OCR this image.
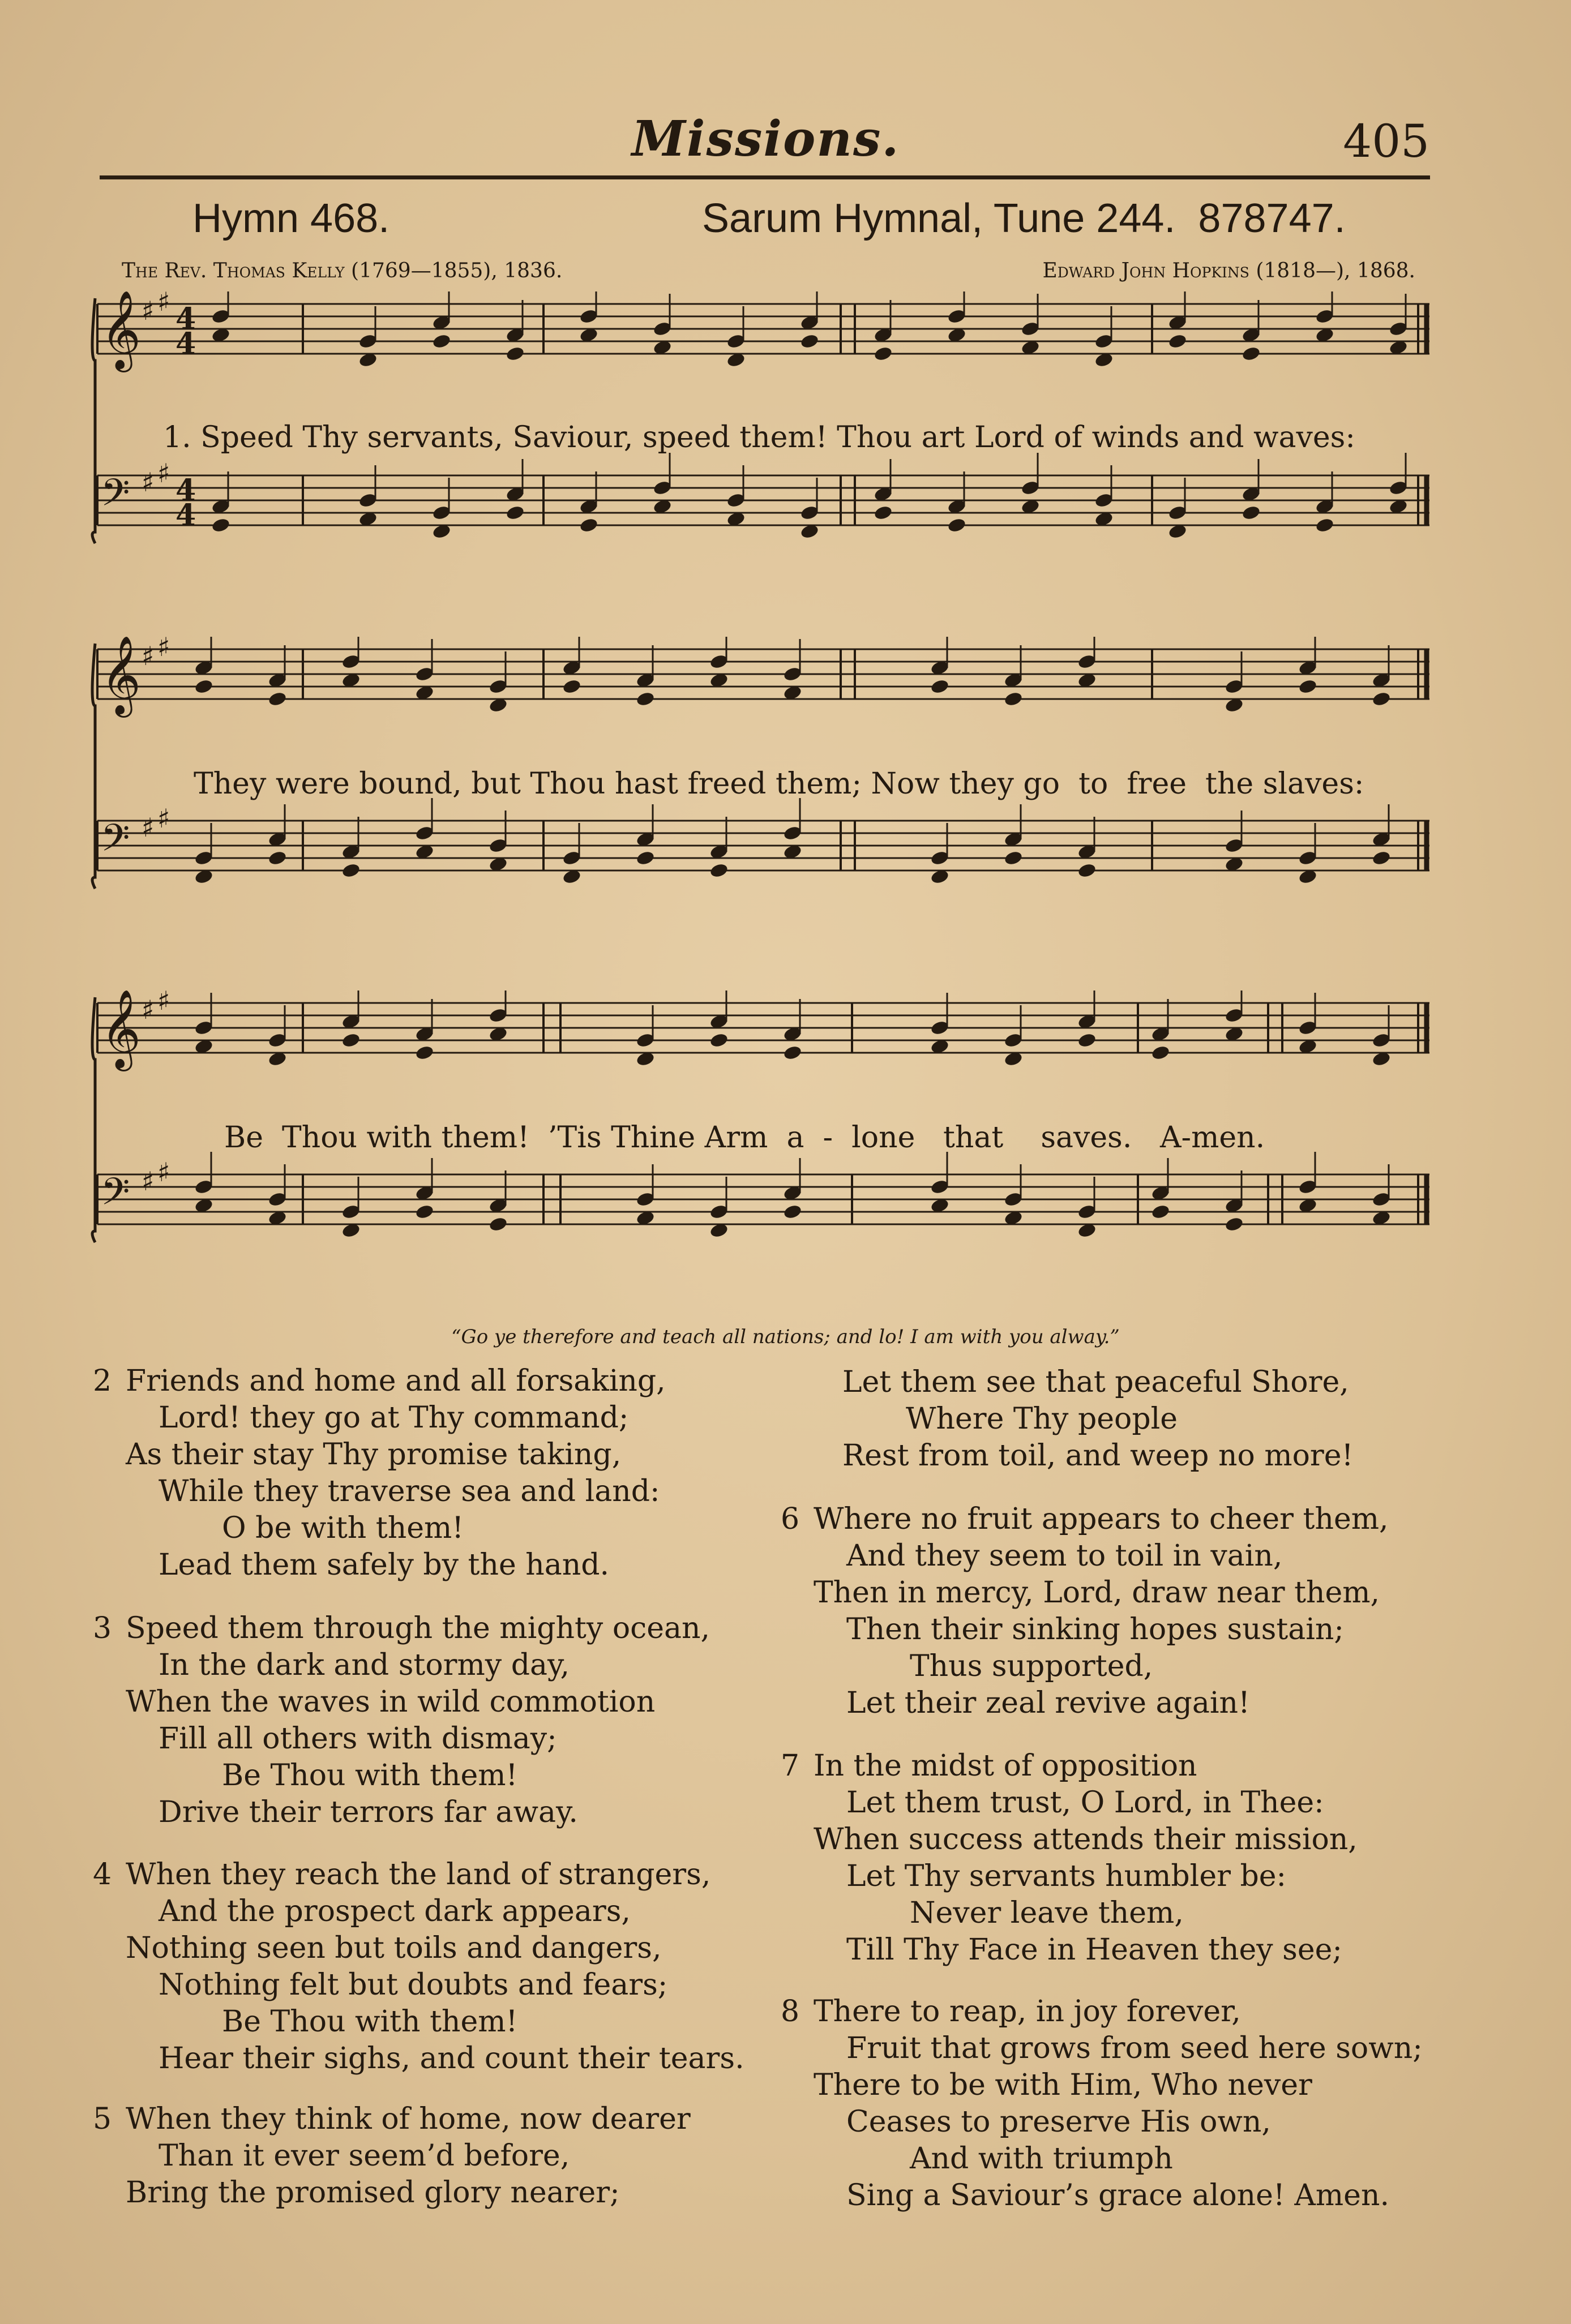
Missions.	405
Hymn 468.	Sarum Hymnal, Tune 244. 878747.
The Rev. Thomas Kelly (1769—1855), 1836.	Edward John Hopkins (1818—), 1868.
𝄞 ♯ ♯ 4
4
𝄢 ♯ ♯ 4
4
1. Speed Thy servants, Saviour, speed them! Thou art Lord of winds and waves:
𝄞 ♯ ♯
𝄢 ♯ ♯
They were bound, but Thou hast freed them; Now they go  to  free  the slaves:
𝄞 ♯ ♯
𝄢 ♯ ♯
Be  Thou with them!  ’Tis Thine Arm  a  -  lone   that    saves.   A-men.
“Go ye therefore and teach all nations; and lo! I am with you alway.”
2 Friends and home and all forsaking,
Lord! they go at Thy command;
As their stay Thy promise taking,
While they traverse sea and land:
O be with them!
Lead them safely by the hand.
3 Speed them through the mighty ocean,
In the dark and stormy day,
When the waves in wild commotion
Fill all others with dismay;
Be Thou with them!
Drive their terrors far away.
4 When they reach the land of strangers,
And the prospect dark appears,
Nothing seen but toils and dangers,
Nothing felt but doubts and fears;
Be Thou with them!
Hear their sighs, and count their tears.
5 When they think of home, now dearer
Than it ever seem’d before,
Bring the promised glory nearer;
Let them see that peaceful Shore,
Where Thy people
Rest from toil, and weep no more!
6 Where no fruit appears to cheer them,
And they seem to toil in vain,
Then in mercy, Lord, draw near them,
Then their sinking hopes sustain;
Thus supported,
Let their zeal revive again!
7 In the midst of opposition
Let them trust, O Lord, in Thee:
When success attends their mission,
Let Thy servants humbler be:
Never leave them,
Till Thy Face in Heaven they see;
8 There to reap, in joy forever,
Fruit that grows from seed here sown;
There to be with Him, Who never
Ceases to preserve His own,
And with triumph
Sing a Saviour’s grace alone! Amen.
